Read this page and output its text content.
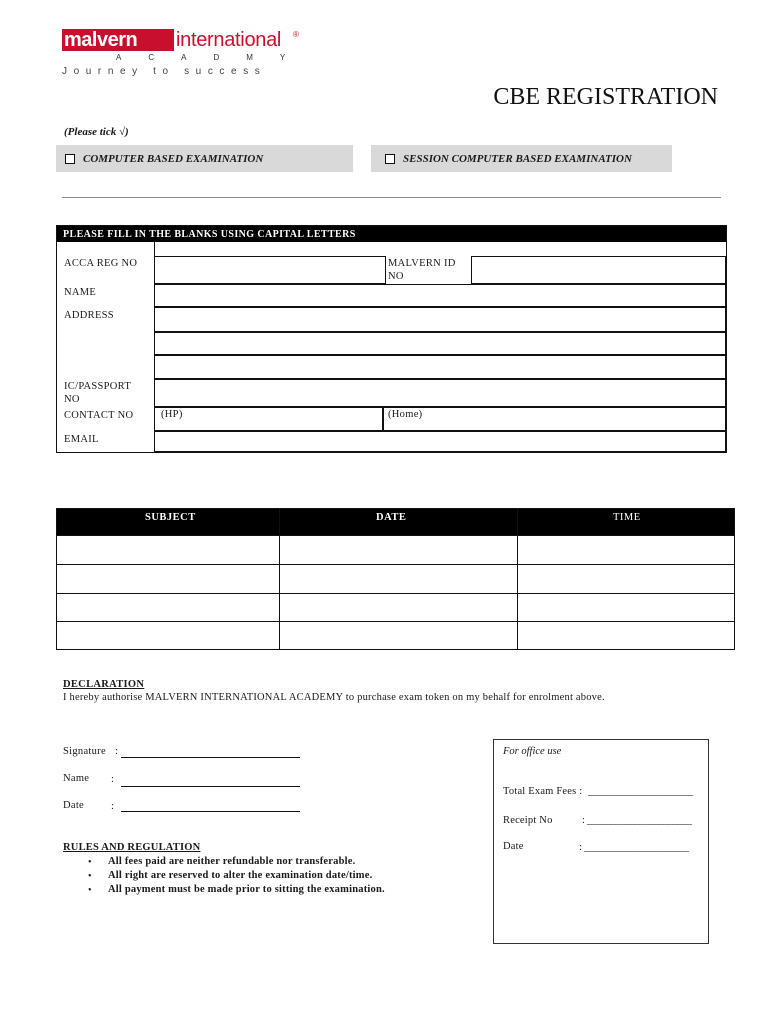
malvern	international ®
ACADMY
Journey to success
CBE REGISTRATION
(Please tick √)
COMPUTER BASED EXAMINATION	SESSION COMPUTER BASED EXAMINATION
PLEASE FILL IN THE BLANKS USING CAPITAL LETTERS
ACCA REG NO	MALVERN ID
NO
NAME
ADDRESS
IC/PASSPORT
NO
CONTACT NO	(HP)	(Home)
EMAIL
SUBJECT	DATE	TIME
DECLARATION
I hereby authorise MALVERN INTERNATIONAL ACADEMY to purchase exam token on my behalf for enrolment above.
Signature :
Name :
Date	:
RULES AND REGULATION
• All fees paid are neither refundable nor transferable.
• All right are reserved to alter the examination date/time.
• All payment must be made prior to sitting the examination.
For office use
Total Exam Fees : ______________________
Receipt No	: ______________________
Date	: ______________________
